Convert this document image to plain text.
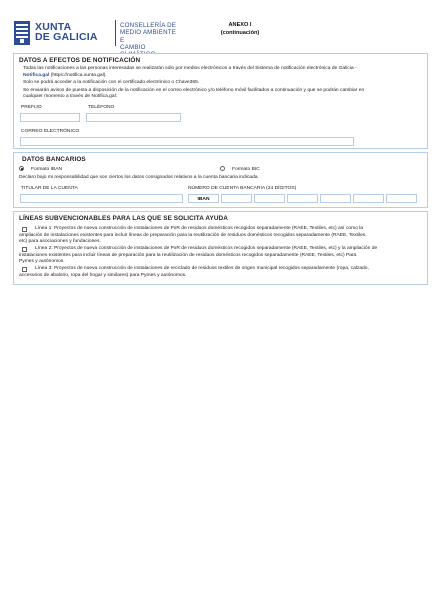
XUNTA
DE GALICIA
CONSELLERÍA DE
MEDIO AMBIENTE E
CAMBIO
ANEXO I
(continuación)
DATOS A EFECTOS DE NOTIFICACIÓN
Todas las notificaciones a las personas interesadas se realizarán sólo por medios electrónicos a través del Sistema de notificación electrónica de Galicia -
Notifica.gal (https://notifica.xunta.gal).
Solo se podrá acceder a la notificación con el certificado electrónico o Chave365.
Se enviarán avisos de puesta a disposición de la notificación en el correo electrónico y/o teléfono móvil facilitados a continuación y que se podrán cambiar en
cualquier momento a través de Notifica.gal:
PREFIJO	TELÉFONO
CORREO ELECTRÓNICO
DATOS BANCARIOS
Formato IBAN	Formato BIC
Declaro bajo mi responsabilidad que son ciertos los datos consignados relativos a la cuenta bancaria indicada.
TITULAR DE LA CUENTA	NÚMERO DE CUENTA BANCARIA (24 DÍGITOS)
IBAN
LÍNEAS SUBVENCIONABLES PARA LAS QUE SE SOLICITA AYUDA
Línea 1: Proyectos de nueva construcción de instalaciones de PxR de residuos domésticos recogidos separadamente (RAEE, Textiles, etc) así como la
ampliación de instalaciones existentes para incluir líneas de preparación para la reutilización de residuos domésticos recogidos separadamente (RAEE, Textiles,
etc) para asociaciones y fundaciones.
Línea 2: Proyectos de nueva construcción de instalaciones de PxR de residuos domésticos recogidos separadamente (RAEE, Textiles, etc) y la ampliación de
instalaciones existentes para incluir líneas de preparación para la reutilización de residuos domésticos recogidos separadamente (RAEE, Textiles, etc) Para
Pymes y autónomos.
Línea 3: Proyectos de nueva construcción de instalaciones de reciclado de residuos textiles de origen municipal recogidos separadamente (ropa, calzado,
accesorios de abalorio, ropa del hogar y similares) para Pymes y autónomos.
